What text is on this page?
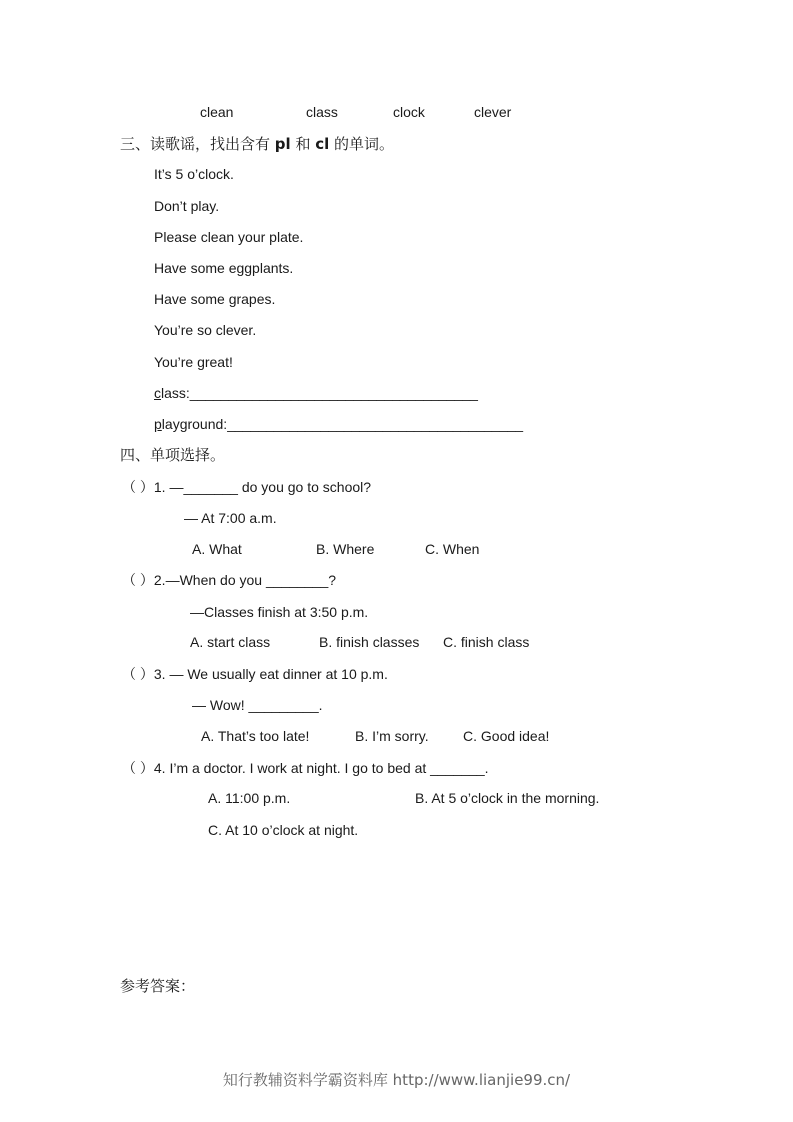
clean	class	clock	clever
三、读歌谣，找出含有 pl 和 cl 的单词。
It’s 5 o’clock.
Don’t play.
Please clean your plate.
Have some eggplants.
Have some grapes.
You’re so clever.
You’re great!
class:_____________________________________
playground:______________________________________
四、单项选择。
（ ）1. —_______ do you go to school?
— At 7:00 a.m.
A. What	B. Where	C. When
（ ）2.—When do you ________?
—Classes finish at 3:50 p.m.
A. start class	B. finish classes C. finish class
（ ）3. — We usually eat dinner at 10 p.m.
— Wow! _________.
A. That’s too late!	B. I’m sorry. C. Good idea!
（ ）4. I’m a doctor. I work at night. I go to bed at _______.
A. 11:00 p.m.	B. At 5 o’clock in the morning.
C. At 10 o’clock at night.
参考答案：
知行教辅资料学霸资料库 http://www.lianjie99.cn/
